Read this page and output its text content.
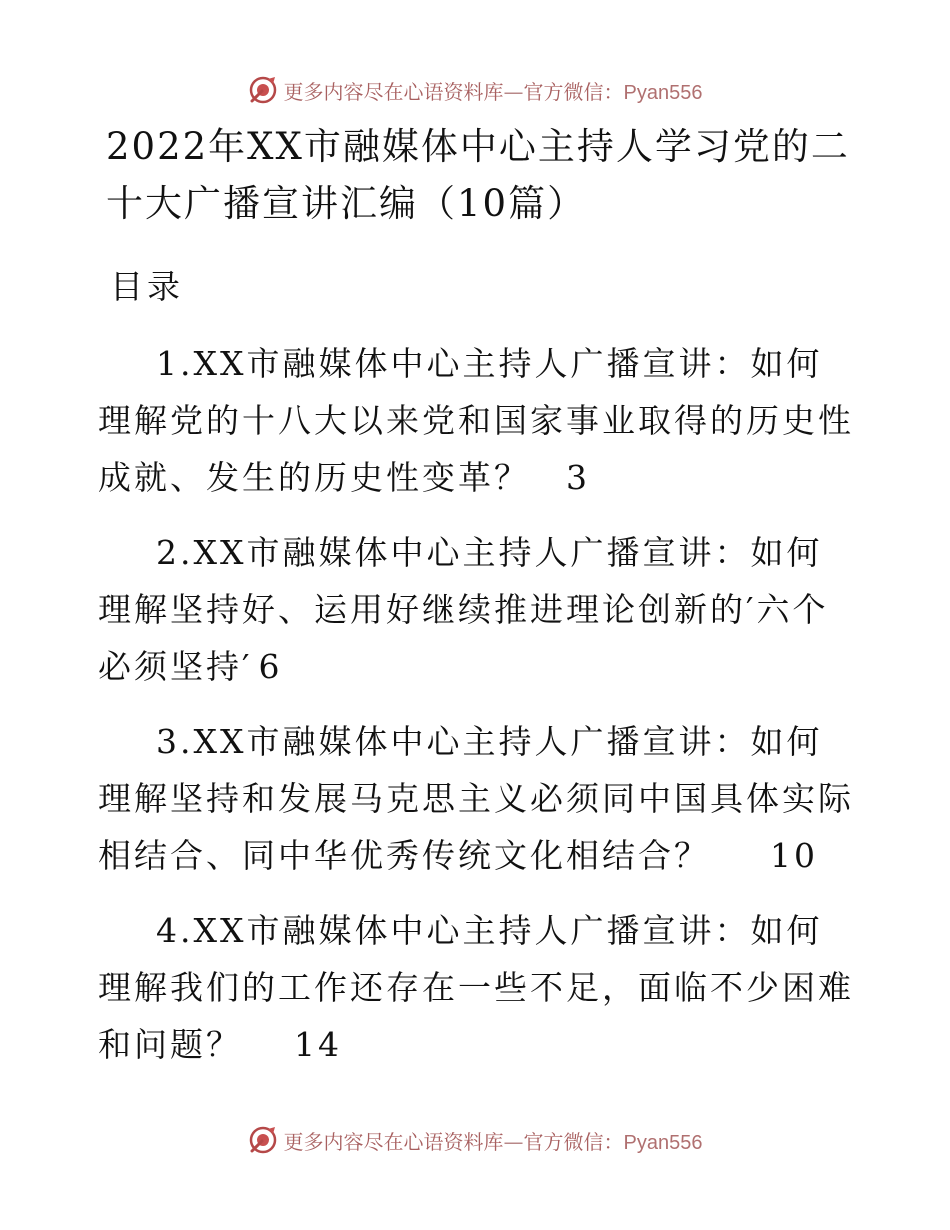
更多内容尽在心语资料库—官方微信：Pyan556

2022年XX市融媒体中心主持人学习党的二十大广播宣讲汇编（10篇）

目录

1.XX市融媒体中心主持人广播宣讲：如何理解党的十八大以来党和国家事业取得的历史性成就、发生的历史性变革？ 3
2.XX市融媒体中心主持人广播宣讲：如何理解坚持好、运用好继续推进理论创新的′六个必须坚持′ 6
3.XX市融媒体中心主持人广播宣讲：如何理解坚持和发展马克思主义必须同中国具体实际相结合、同中华优秀传统文化相结合？ 10
4.XX市融媒体中心主持人广播宣讲：如何理解我们的工作还存在一些不足，面临不少困难和问题？ 14
更多内容尽在心语资料库—官方微信：Pyan556
